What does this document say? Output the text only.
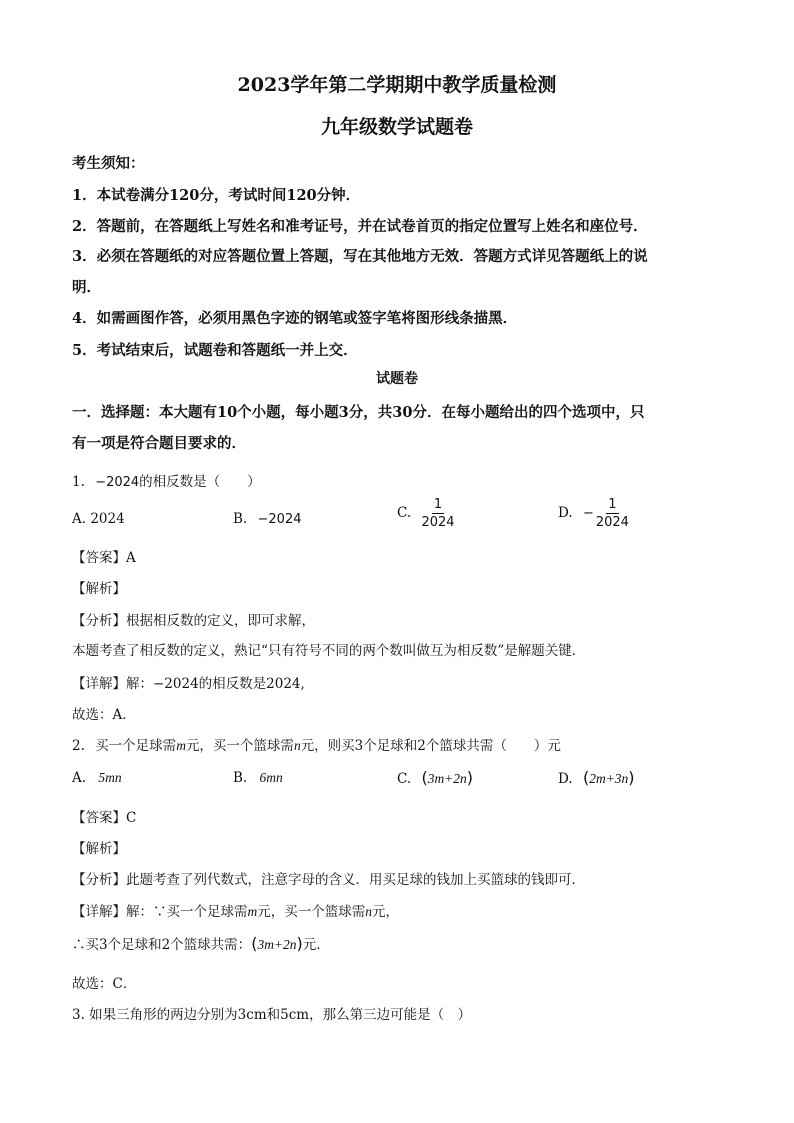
2023学年第二学期期中教学质量检测
九年级数学试题卷
考生须知：
1．本试卷满分120分，考试时间120分钟．
2．答题前，在答题纸上写姓名和准考证号，并在试卷首页的指定位置写上姓名和座位号．
3．必须在答题纸的对应答题位置上答题，写在其他地方无效．答题方式详见答题纸上的说
明．
4．如需画图作答，必须用黑色字迹的钢笔或签字笔将图形线条描黑．
5．考试结束后，试题卷和答题纸一并上交．
试题卷
一．选择题：本大题有10个小题，每小题3分，共30分．在每小题给出的四个选项中，只
有一项是符合题目要求的．
1. −2024的相反数是（　　）
A. 2024	B. −2024	C. $\frac{1}{2024}$	D. − $\frac{1}{2024}$
【答案】A
【解析】
【分析】根据相反数的定义，即可求解，
本题考查了相反数的定义，熟记“只有符号不同的两个数叫做互为相反数”是解题关键．
【详解】解：−2024的相反数是2024,
故选：A．
2. 买一个足球需m元，买一个篮球需n元，则买3个足球和2个篮球共需（　　）元
A. 5mn	B. 6mn	C. (3m+2n)	D. (2m+3n)
【答案】C
【解析】
【分析】此题考查了列代数式，注意字母的含义．用买足球的钱加上买篮球的钱即可．
【详解】解：∵买一个足球需m元，买一个篮球需n元，
∴买3个足球和2个篮球共需：(3m+2n)元．
故选：C．
3. 如果三角形的两边分别为3cm和5cm，那么第三边可能是（　）
